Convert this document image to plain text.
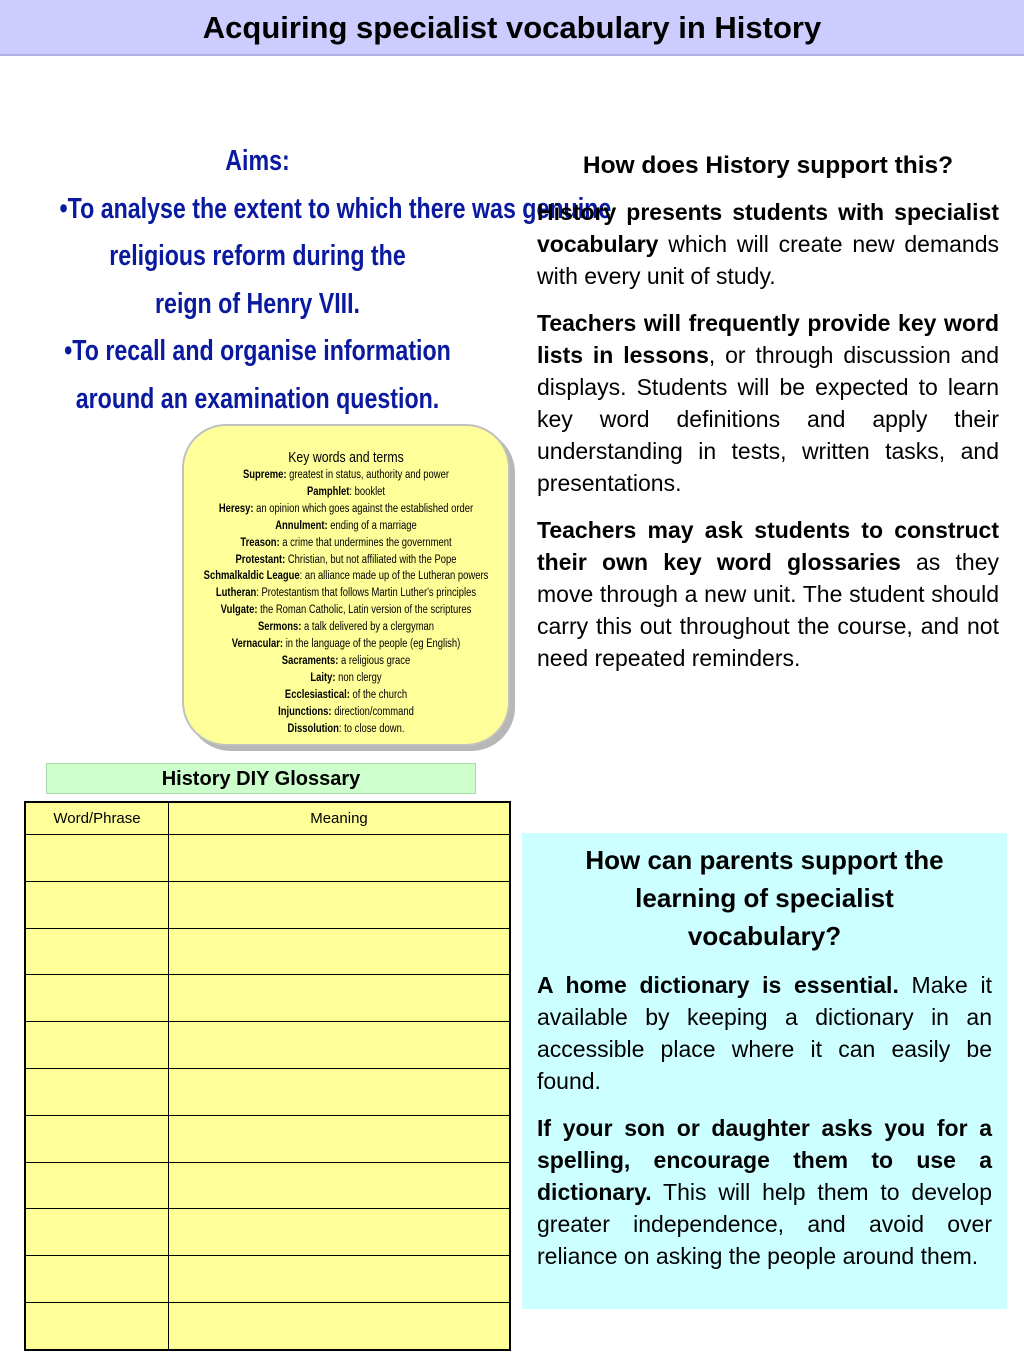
Acquiring specialist vocabulary in History
Aims:
•To analyse the extent to which there was genuine
religious reform during the
reign of Henry VIII.
•To recall and organise information
around an examination question.
Key words and terms
Supreme: greatest in status, authority and power
Pamphlet: booklet
Heresy: an opinion which goes against the established order
Annulment: ending of a marriage
Treason: a crime that undermines the government
Protestant: Christian, but not affiliated with the Pope
Schmalkaldic League: an alliance made up of the Lutheran powers
Lutheran: Protestantism that follows Martin Luther's principles
Vulgate: the Roman Catholic, Latin version of the scriptures
Sermons: a talk delivered by a clergyman
Vernacular: in the language of the people (eg English)
Sacraments: a religious grace
Laity: non clergy
Ecclesiastical: of the church
Injunctions: direction/command
Dissolution: to close down.
History DIY Glossary
Word/Phrase	Meaning

How does History support this?

History presents students with specialist vocabulary which will create new demands with every unit of study.

Teachers will frequently provide key word lists in lessons, or through discussion and displays. Students will be expected to learn key word definitions and apply their understanding in tests, written tasks, and presentations.

Teachers may ask students to construct their own key word glossaries as they move through a new unit. The student should carry this out throughout the course, and not need repeated reminders.

How can parents support the learning of specialist
vocabulary?

A home dictionary is essential. Make it available by keeping a dictionary in an accessible place where it can easily be found.

If your son or daughter asks you for a spelling, encourage them to use a dictionary. This will help them to develop greater independence, and avoid over reliance on asking the people around them.
